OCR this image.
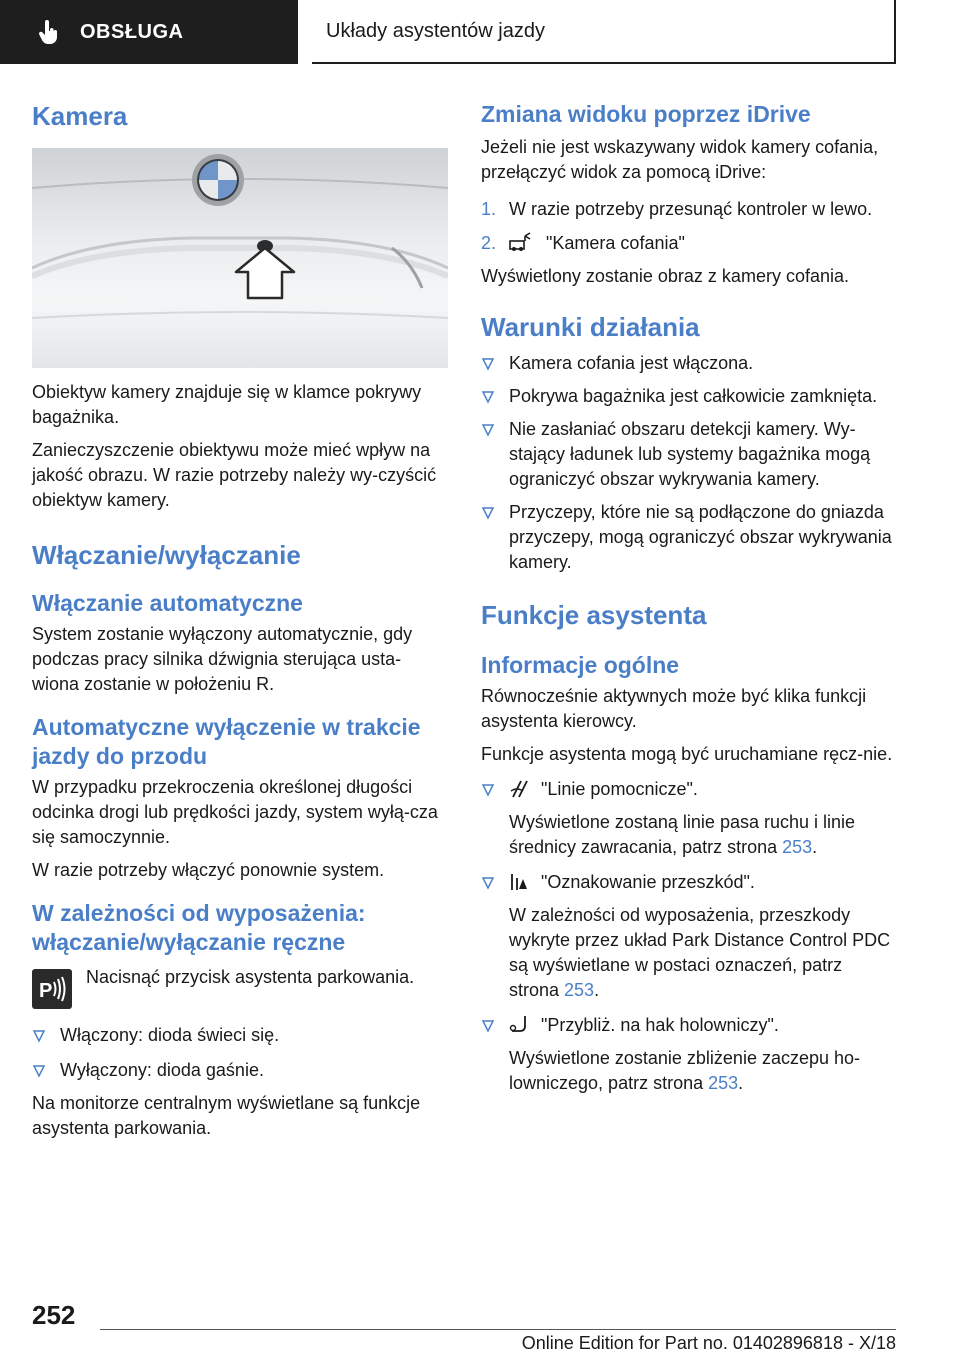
OBSŁUGA	Układy asystentów jazdy
Kamera

Obiektyw kamery znajduje się w klamce pokrywy bagażnika.

Zanieczyszczenie obiektywu może mieć wpływ na jakość obrazu. W razie potrzeby należy wy-czyścić obiektyw kamery.

Włączanie/wyłączanie
Włączanie automatyczne

System zostanie wyłączony automatycznie, gdy podczas pracy silnika dźwignia sterująca usta-wiona zostanie w położeniu R.

Automatyczne wyłączenie w trakcie jazdy do przodu

W przypadku przekroczenia określonej długości odcinka drogi lub prędkości jazdy, system wyłą-cza się samoczynnie.

W razie potrzeby włączyć ponownie system.

W zależności od wyposażenia: włączanie/wyłączanie ręczne
P

Nacisnąć przycisk asystenta parkowania.

Włączony: dioda świeci się.
Wyłączony: dioda gaśnie.

Na monitorze centralnym wyświetlane są funkcje asystenta parkowania.

Zmiana widoku poprzez iDrive

Jeżeli nie jest wskazywany widok kamery cofania, przełączyć widok za pomocą iDrive:

1. W razie potrzeby przesunąć kontroler w lewo.
2.	"Kamera cofania"

Wyświetlony zostanie obraz z kamery cofania.

Warunki działania
Kamera cofania jest włączona.
Pokrywa bagażnika jest całkowicie zamknięta.
Nie zasłaniać obszaru detekcji kamery. Wy-stający ładunek lub systemy bagażnika mogą ograniczyć obszar wykrywania kamery.
Przyczepy, które nie są podłączone do gniazda przyczepy, mogą ograniczyć obszar wykrywania kamery.
Funkcje asystenta
Informacje ogólne

Równocześnie aktywnych może być klika funkcji asystenta kierowcy.

Funkcje asystenta mogą być uruchamiane ręcz-nie.

"Linie pomocnicze".
Wyświetlone zostaną linie pasa ruchu i linie średnicy zawracania, patrz strona 253.
"Oznakowanie przeszkód".
W zależności od wyposażenia, przeszkody wykryte przez układ Park Distance Control PDC są wyświetlane w postaci oznaczeń, patrz strona 253.
"Przybliż. na hak holowniczy".
Wyświetlone zostanie zbliżenie zaczepu ho-lowniczego, patrz strona 253.
252
Online Edition for Part no. 01402896818 - X/18
